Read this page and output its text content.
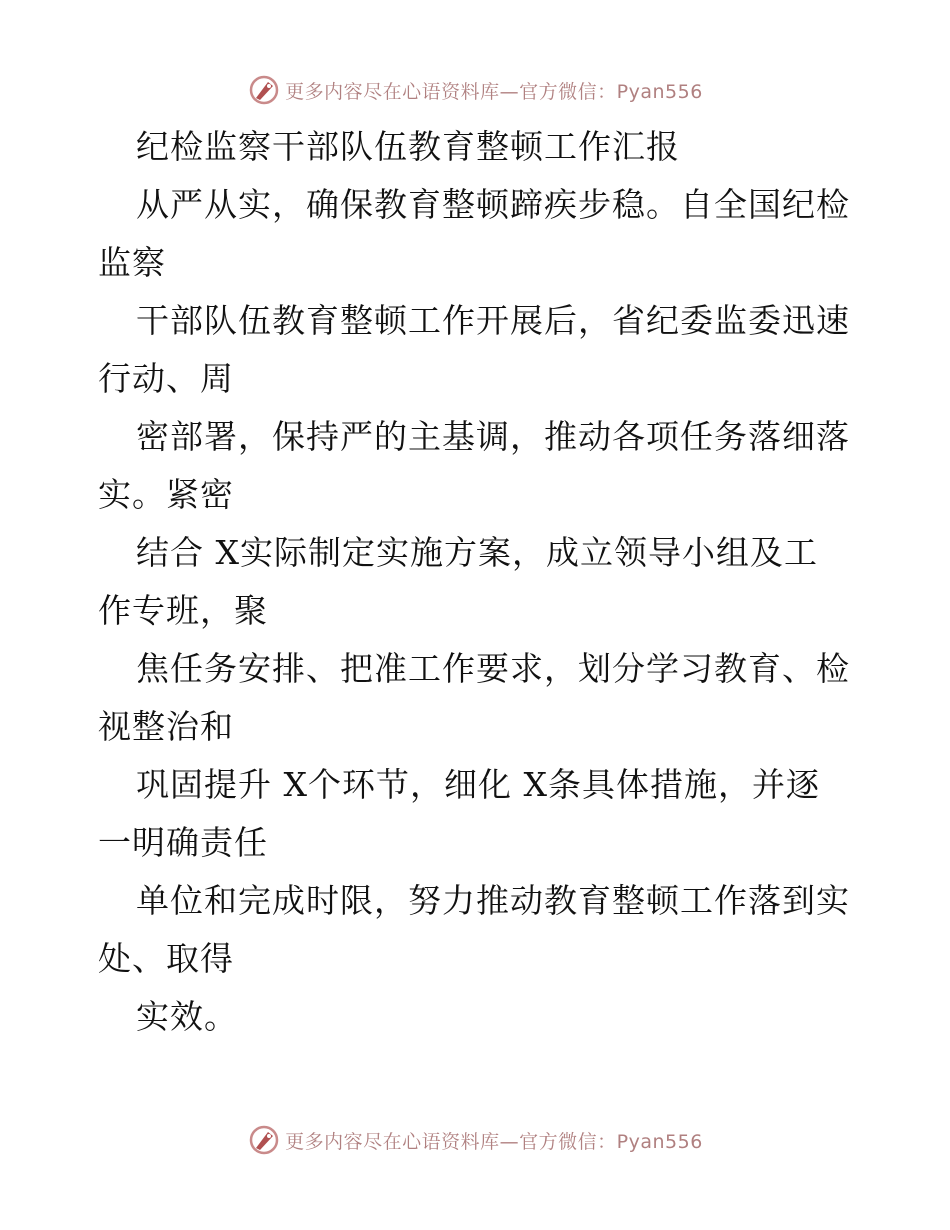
更多内容尽在心语资料库—官方微信：Pyan556
纪检监察干部队伍教育整顿工作汇报
从严从实，确保教育整顿蹄疾步稳。自全国纪检
监察
干部队伍教育整顿工作开展后，省纪委监委迅速
行动、周
密部署，保持严的主基调，推动各项任务落细落
实。紧密
结合 X实际制定实施方案，成立领导小组及工
作专班，聚
焦任务安排、把准工作要求，划分学习教育、检
视整治和
巩固提升 X个环节，细化 X条具体措施，并逐
一明确责任
单位和完成时限，努力推动教育整顿工作落到实
处、取得
实效。
更多内容尽在心语资料库—官方微信：Pyan556
